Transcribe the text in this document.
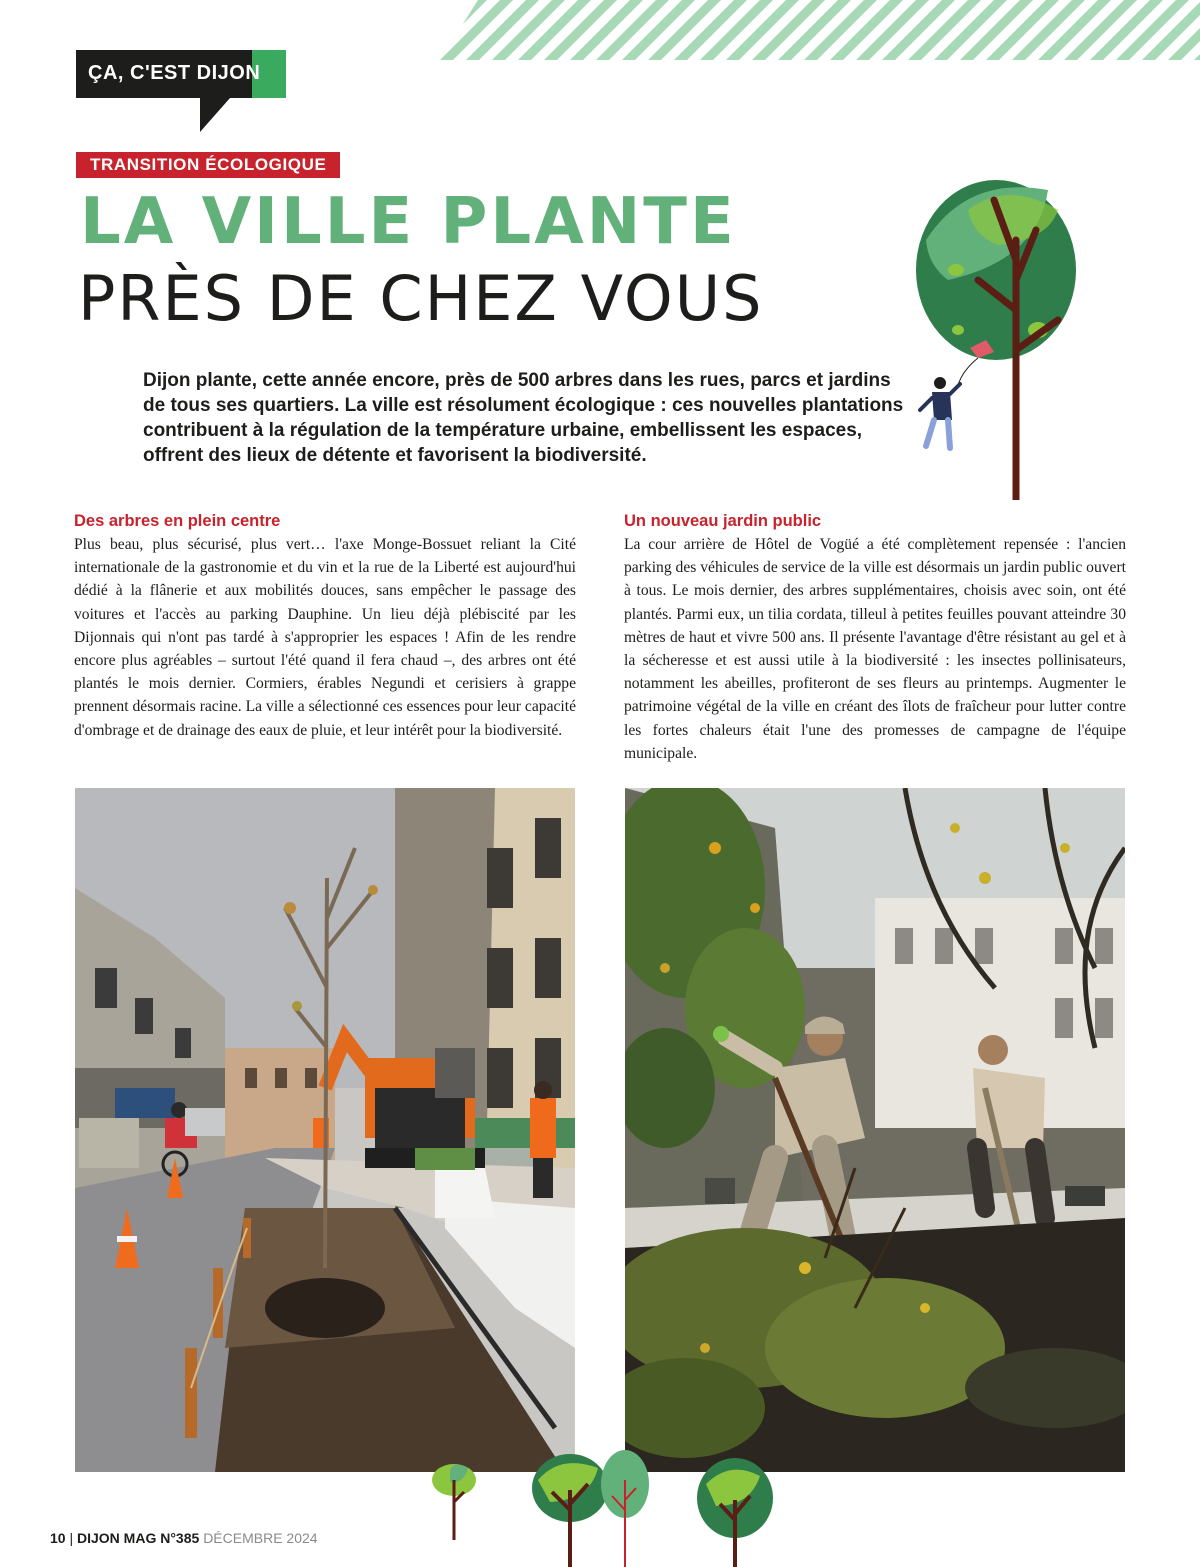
ÇA, C'EST DIJON
TRANSITION ÉCOLOGIQUE
LA VILLE PLANTE
PRÈS DE CHEZ VOUS

Dijon plante, cette année encore, près de 500 arbres dans les rues, parcs et jardins de tous ses quartiers. La ville est résolument écologique : ces nouvelles plantations contribuent à la régulation de la température urbaine, embellissent les espaces, offrent des lieux de détente et favorisent la biodiversité.

Des arbres en plein centre

Plus beau, plus sécurisé, plus vert… l'axe Monge-Bossuet reliant la Cité internationale de la gastronomie et du vin et la rue de la Liberté est aujourd'hui dédié à la flânerie et aux mobilités douces, sans empêcher le passage des voitures et l'accès au parking Dauphine. Un lieu déjà plébiscité par les Dijonnais qui n'ont pas tardé à s'approprier les espaces ! Afin de les rendre encore plus agréables – surtout l'été quand il fera chaud –, des arbres ont été plantés le mois dernier. Cormiers, érables Negundi et cerisiers à grappe prennent désormais racine. La ville a sélectionné ces essences pour leur capacité d'ombrage et de drainage des eaux de pluie, et leur intérêt pour la biodiversité.

Un nouveau jardin public

La cour arrière de Hôtel de Vogüé a été complètement repensée : l'ancien parking des véhicules de service de la ville est désormais un jardin public ouvert à tous. Le mois dernier, des arbres supplémentaires, choisis avec soin, ont été plantés. Parmi eux, un tilia cordata, tilleul à petites feuilles pouvant atteindre 30 mètres de haut et vivre 500 ans. Il présente l'avantage d'être résistant au gel et à la sécheresse et est aussi utile à la biodiversité : les insectes pollinisateurs, notamment les abeilles, profiteront de ses fleurs au printemps. Augmenter le patrimoine végétal de la ville en créant des îlots de fraîcheur pour lutter contre les fortes chaleurs était l'une des promesses de campagne de l'équipe municipale.

10 | DIJON MAG N°385 DÉCEMBRE 2024
